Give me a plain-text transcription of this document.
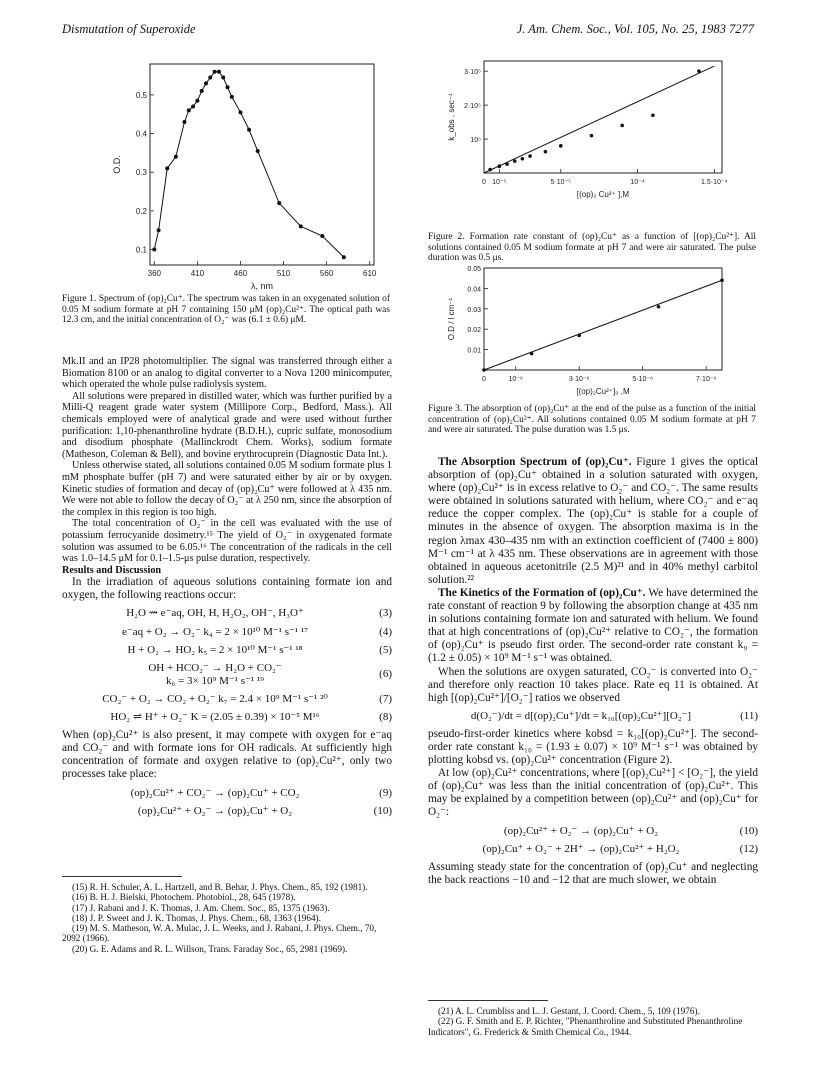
Dismutation of Superoxide	J. Am. Chem. Soc., Vol. 105, No. 25, 1983 7277
360	410	460	510	560	610
0.1
0.2
0.3
0.4
0.5
λ, nm
O.D.
Figure 1. Spectrum of (op)₂Cu⁺. The spectrum was taken in an oxygenated solution of 0.05 M sodium formate at pH 7 containing 150 μM (op)₂Cu²⁺. The optical path was 12.3 cm, and the initial concentration of O₂⁻ was (6.1 ± 0.6) μM.
0 10⁻⁵	5·10⁻⁵	10⁻⁴	1.5·10⁻⁴
10⁵
2·10⁵
3·10⁵
[(op)₂ Cu²⁺ ],M
k_obs , sec⁻¹
Figure 2. Formation rate constant of (op)₂Cu⁺ as a function of [(op)₂Cu²⁺]. All solutions contained 0.05 M sodium formate at pH 7 and were air saturated. The pulse duration was 0.5 μs.
0	10⁻⁶	3·10⁻⁶	5·10⁻⁶	7·10⁻⁶
0.01
0.02
0.03
0.04
0.05
[(op)₂Cu²⁺]₀ ,M
O.D / l cm⁻¹
Figure 3. The absorption of (op)₂Cu⁺ at the end of the pulse as a function of the initial concentration of (op)₂Cu²⁺. All solutions contained 0.05 M sodium formate at pH 7 and were air saturated. The pulse duration was 1.5 μs.

Mk.II and an IP28 photomultiplier. The signal was transferred through either a Biomation 8100 or an analog to digital converter to a Nova 1200 minicomputer, which operated the whole pulse radiolysis system.

All solutions were prepared in distilled water, which was further purified by a Milli-Q reagent grade water system (Millipore Corp., Bedford, Mass.). All chemicals employed were of analytical grade and were used without further purification: 1,10-phenanthroline hydrate (B.D.H.), cupric sulfate, monosodium and disodium phosphate (Mallinckrodt Chem. Works), sodium formate (Matheson, Coleman & Bell), and bovine erythrocuprein (Diagnostic Data Int.).

Unless otherwise stated, all solutions contained 0.05 M sodium formate plus 1 mM phosphate buffer (pH 7) and were saturated either by air or by oxygen. Kinetic studies of formation and decay of (op)₂Cu⁺ were followed at λ 435 nm. We were not able to follow the decay of O₂⁻ at λ 250 nm, since the absorption of the complex in this region is too high.

The total concentration of O₂⁻ in the cell was evaluated with the use of potassium ferrocyanide dosimetry.¹⁵ The yield of O₂⁻ in oxygenated formate solution was assumed to be 6.05.¹⁶ The concentration of the radicals in the cell was 1.0–14.5 μM for 0.1–1.5-μs pulse duration, respectively.

Results and Discussion

In the irradiation of aqueous solutions containing formate ion and oxygen, the following reactions occur:

H₂O ⇝ e⁻aq, OH, H, H₂O₂, OH⁻, H₃O⁺	(3)
e⁻aq + O₂ → O₂⁻ k₄ = 2 × 10¹⁰ M⁻¹ s⁻¹ ¹⁷	(4)
H + O₂ → HO₂ k₅ = 2 × 10¹⁰ M⁻¹ s⁻¹ ¹⁸	(5)
OH + HCO₂⁻ → H₂O + CO₂⁻
k₆ = 3× 10⁹ M⁻¹ s⁻¹ ¹⁹
(6)
CO₂⁻ + O₂ → CO₂ + O₂⁻ k₇ = 2.4 × 10⁹ M⁻¹ s⁻¹ ²⁰	(7)
HO₂ ⇌ H⁺ + O₂⁻ K = (2.05 ± 0.39) × 10⁻⁵ M¹⁶	(8)

When (op)₂Cu²⁺ is also present, it may compete with oxygen for e⁻aq and CO₂⁻ and with formate ions for OH radicals. At sufficiently high concentration of formate and oxygen relative to (op)₂Cu²⁺, only two processes take place:

(op)₂Cu²⁺ + CO₂⁻ → (op)₂Cu⁺ + CO₂	(9)
(op)₂Cu²⁺ + O₂⁻ → (op)₂Cu⁺ + O₂	(10)
(15) R. H. Schuler, A. L. Hartzell, and B. Behar, J. Phys. Chem., 85, 192 (1981).
(16) B. H. J. Bielski, Photochem. Photobiol., 28, 645 (1978).
(17) J. Rabani and J. K. Thomas, J. Am. Chem. Soc., 85, 1375 (1963).
(18) J. P. Sweet and J. K. Thomas, J. Phys. Chem., 68, 1363 (1964).
(19) M. S. Matheson, W. A. Mulac, J. L. Weeks, and J. Rabani, J. Phys. Chem., 70, 2092 (1966).
(20) G. E. Adams and R. L. Willson, Trans. Faraday Soc., 65, 2981 (1969).

The Absorption Spectrum of (op)₂Cu⁺. Figure 1 gives the optical absorption of (op)₂Cu⁺ obtained in a solution saturated with oxygen, where (op)₂Cu²⁺ is in excess relative to O₂⁻ and CO₂⁻. The same results were obtained in solutions saturated with helium, where CO₂⁻ and e⁻aq reduce the copper complex. The (op)₂Cu⁺ is stable for a couple of minutes in the absence of oxygen. The absorption maxima is in the region λmax 430–435 nm with an extinction coefficient of (7400 ± 800) M⁻¹ cm⁻¹ at λ 435 nm. These observations are in agreement with those obtained in aqueous acetonitrile (2.5 M)²¹ and in 40% methyl carbitol solution.²²

The Kinetics of the Formation of (op)₂Cu⁺. We have determined the rate constant of reaction 9 by following the absorption change at 435 nm in solutions containing formate ion and saturated with helium. We found that at high concentrations of (op)₂Cu²⁺ relative to CO₂⁻, the formation of (op)₂Cu⁺ is pseudo first order. The second-order rate constant k₉ = (1.2 ± 0.05) × 10⁹ M⁻¹ s⁻¹ was obtained.

When the solutions are oxygen saturated, CO₂⁻ is converted into O₂⁻ and therefore only reaction 10 takes place. Rate eq 11 is obtained. At high [(op)₂Cu²⁺]/[O₂⁻] ratios we observed

d(O₂⁻)/dt = d[(op)₂Cu⁺]/dt = k₁₀[(op)₂Cu²⁺][O₂⁻]	(11)

pseudo-first-order kinetics where kobsd = k₁₀[(op)₂Cu²⁺]. The second-order rate constant k₁₀ = (1.93 ± 0.07) × 10⁹ M⁻¹ s⁻¹ was obtained by plotting kobsd vs. (op)₂Cu²⁺ concentration (Figure 2).

At low (op)₂Cu²⁺ concentrations, where [(op)₂Cu²⁺] < [O₂⁻], the yield of (op)₂Cu⁺ was less than the initial concentration of (op)₂Cu²⁺. This may be explained by a competition between (op)₂Cu²⁺ and (op)₂Cu⁺ for O₂⁻:

(op)₂Cu²⁺ + O₂⁻ → (op)₂Cu⁺ + O₂	(10)
(op)₂Cu⁺ + O₂⁻ + 2H⁺ → (op)₂Cu²⁺ + H₂O₂	(12)

Assuming steady state for the concentration of (op)₂Cu⁺ and neglecting the back reactions −10 and −12 that are much slower, we obtain

(21) A. L. Crumbliss and L. J. Gestant, J. Coord. Chem., 5, 109 (1976).
(22) G. F. Smith and E. P. Richter, "Phenanthroline and Substituted Phenanthroline Indicators", G. Frederick & Smith Chemical Co., 1944.
